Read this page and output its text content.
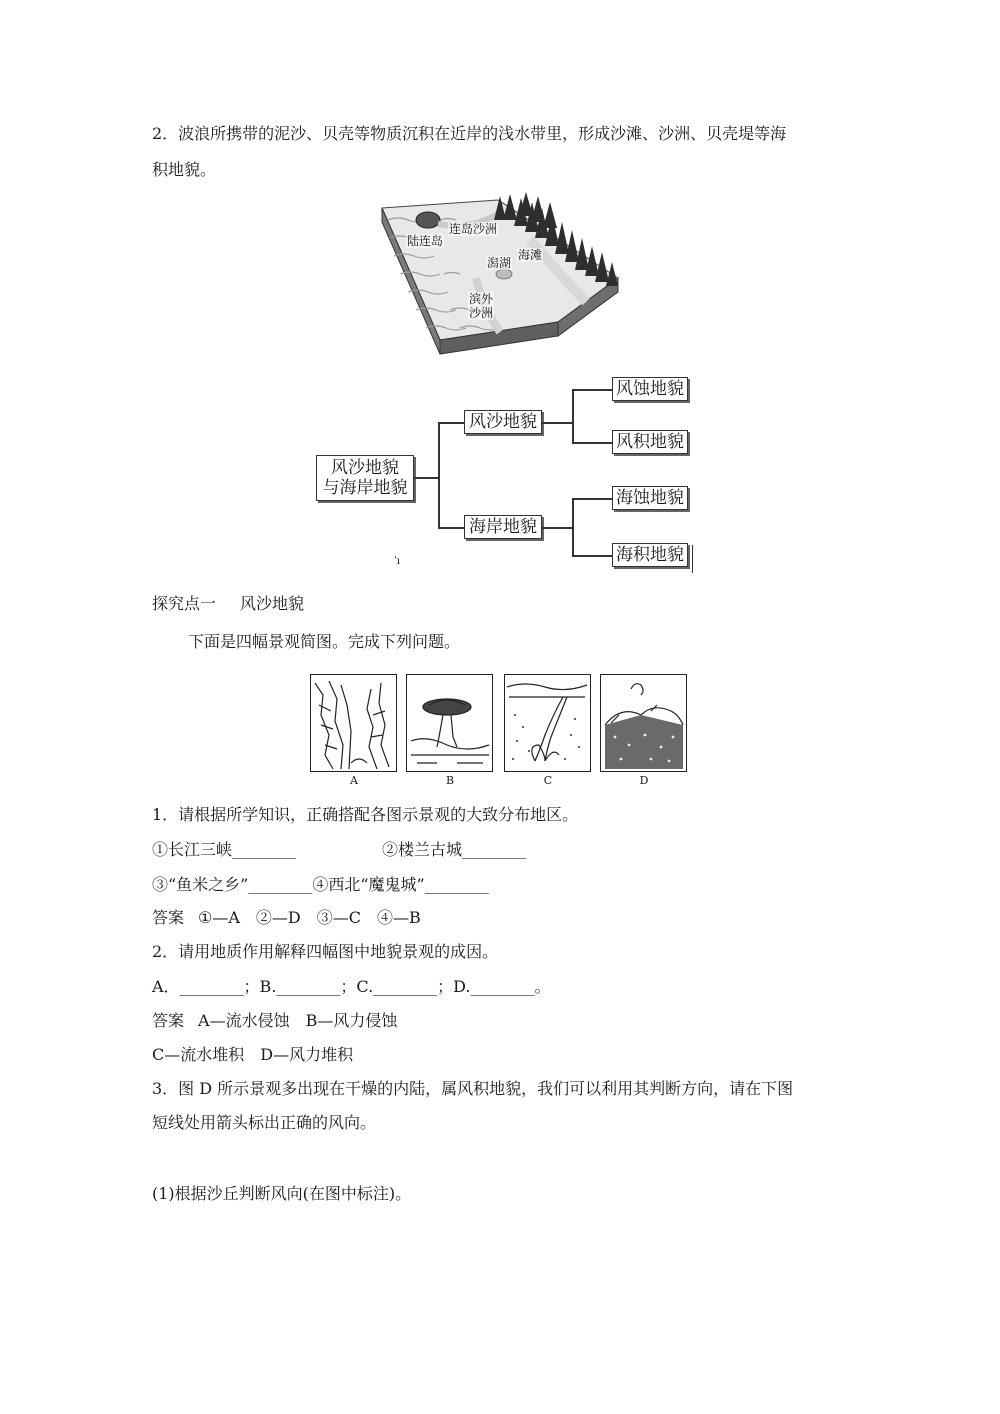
2．波浪所携带的泥沙、贝壳等物质沉积在近岸的浅水带里，形成沙滩、沙洲、贝壳堤等海
积地貌。
连岛沙洲
陆连岛
海滩
潟湖
滨外
沙洲
风沙地貌
与海岸地貌
风沙地貌
海岸地貌
风蚀地貌
风积地貌
海蚀地貌
海积地貌
ˈı
探究点一 风沙地貌
下面是四幅景观简图。完成下列问题。
A	B	C	D
1．请根据所学知识，正确搭配各图示景观的大致分布地区。
①长江三峡________	②楼兰古城________
③“鱼米之乡”________④西北“魔鬼城”________
答案 ①—A　②—D　③—C　④—B
2．请用地质作用解释四幅图中地貌景观的成因。
A．________；B.________；C.________；D.________。
答案 A—流水侵蚀　B—风力侵蚀
C—流水堆积　D—风力堆积
3．图 D 所示景观多出现在干燥的内陆，属风积地貌，我们可以利用其判断方向，请在下图
短线处用箭头标出正确的风向。
(1)根据沙丘判断风向(在图中标注)。
